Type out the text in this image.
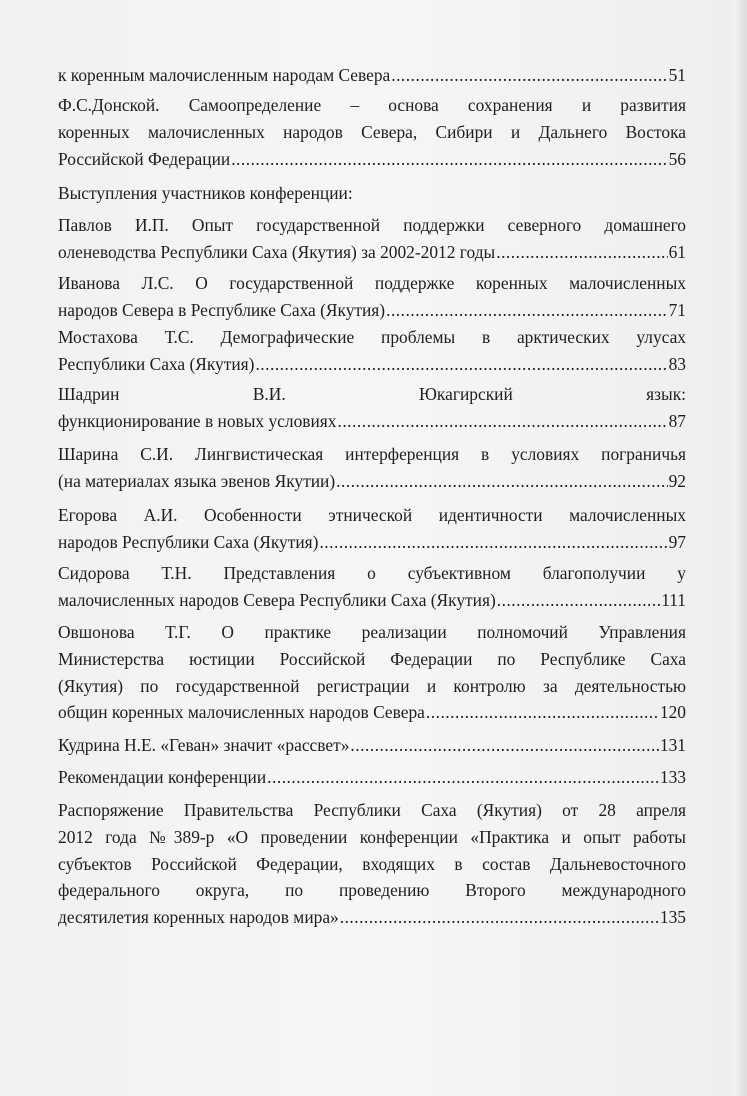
к коренным малочисленным народам Севера .....	51
Ф.С.Донской. Самоопределение – основа сохранения и развития
коренных малочисленных народов Севера, Сибири и Дальнего Востока
Российской Федерации .....	56
Выступления участников конференции:
Павлов И.П. Опыт государственной поддержки северного домашнего
оленеводства Республики Саха (Якутия) за 2002-2012 годы .....	61
Иванова Л.С. О государственной поддержке коренных малочисленных
народов Севера в Республике Саха (Якутия) .....	71
Мостахова Т.С. Демографические проблемы в арктических улусах
Республики Саха (Якутия) .....	83
Шадрин В.И. Юкагирский язык:
функционирование в новых условиях .....	87
Шарина С.И. Лингвистическая интерференция в условиях пограничья
(на материалах языка эвенов Якутии) .....	92
Егорова А.И. Особенности этнической идентичности малочисленных
народов Республики Саха (Якутия) .....	97
Сидорова Т.Н. Представления о субъективном благополучии у
малочисленных народов Севера Республики Саха (Якутия) .....	111
Овшонова Т.Г. О практике реализации полномочий Управления
Министерства юстиции Российской Федерации по Республике Саха
(Якутия) по государственной регистрации и контролю за деятельностью
общин коренных малочисленных народов Севера .....	120
Кудрина Н.Е. «Геван» значит «рассвет» .....	131
Рекомендации конференции .....	133
Распоряжение Правительства Республики Саха (Якутия) от 28 апреля
2012 года №389-р «О проведении конференции «Практика и опыт работы
субъектов Российской Федерации, входящих в состав Дальневосточного
федерального округа, по проведению Второго международного
десятилетия коренных народов мира» .....	135
